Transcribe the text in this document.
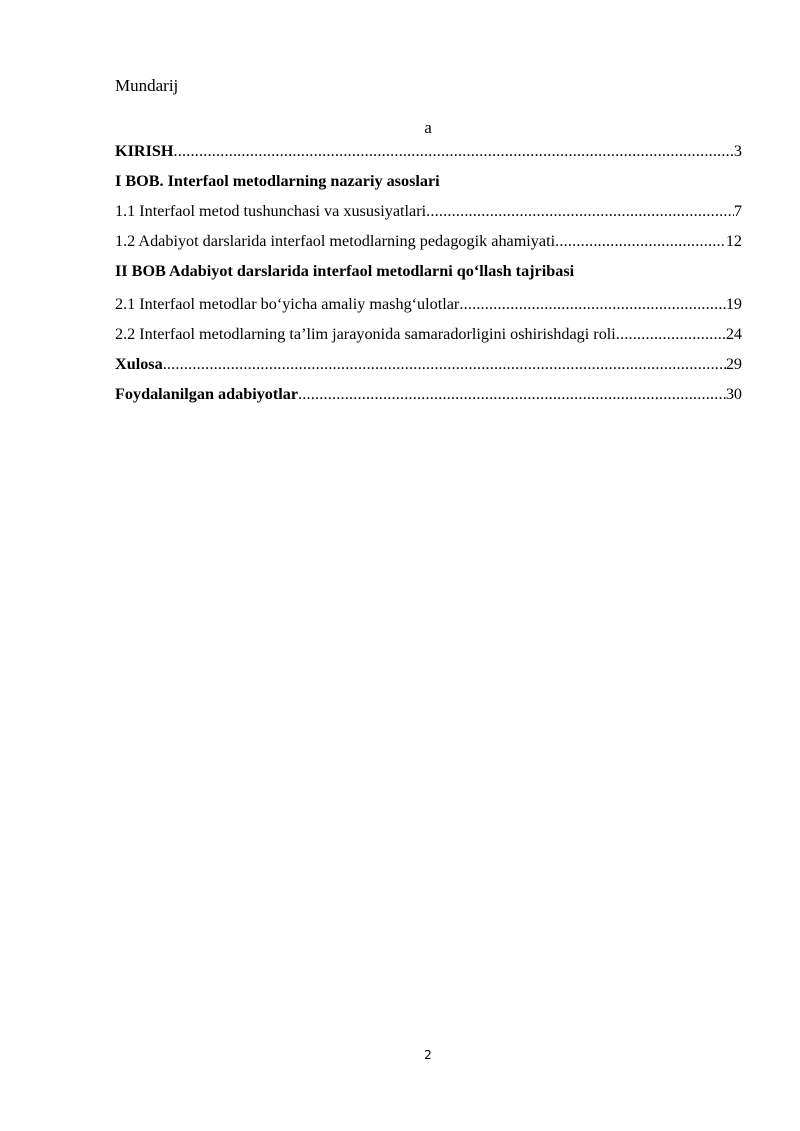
Mundarij
a
KIRISH .....	3
I BOB. Interfaol metodlarning nazariy asoslari
1.1 Interfaol metod tushunchasi va xususiyatlari .....	7
1.2 Adabiyot darslarida interfaol metodlarning pedagogik ahamiyati .....	12
II BOB Adabiyot darslarida interfaol metodlarni qo‘llash tajribasi
2.1 Interfaol metodlar bo‘yicha amaliy mashg‘ulotlar .....	19
2.2 Interfaol metodlarning ta’lim jarayonida samaradorligini oshirishdagi roli .....	24
Xulosa .....	29
Foydalanilgan adabiyotlar .....	30
2
